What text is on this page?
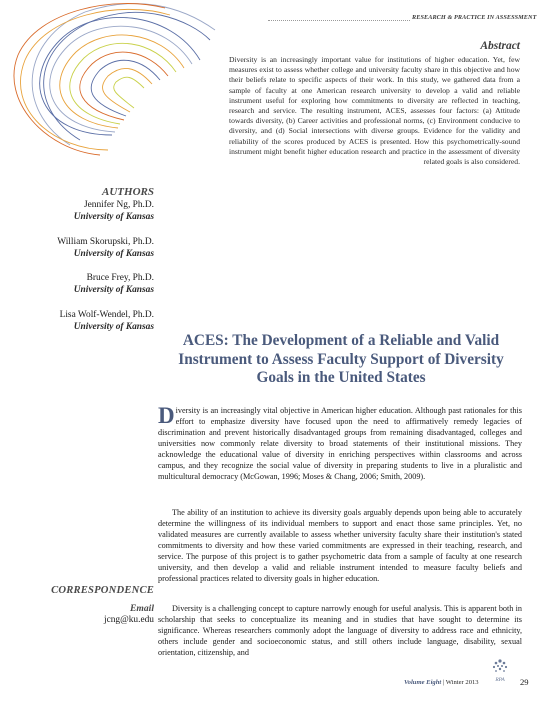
RESEARCH & PRACTICE IN ASSESSMENT
Abstract
Diversity is an increasingly important value for institutions of higher education. Yet, few measures exist to assess whether college and university faculty share in this objective and how their beliefs relate to specific aspects of their work. In this study, we gathered data from a sample of faculty at one American research university to develop a valid and reliable instrument useful for exploring how commitments to diversity are reflected in teaching, research and service. The resulting instrument, ACES, assesses four factors: (a) Attitude towards diversity, (b) Career activities and professional norms, (c) Environment conducive to diversity, and (d) Social intersections with diverse groups. Evidence for the validity and reliability of the scores produced by ACES is presented. How this psychometrically-sound instrument might benefit higher education research and practice in the assessment of diversity related goals is also considered.
AUTHORS
Jennifer Ng, Ph.D.
University of Kansas
William Skorupski, Ph.D.
University of Kansas
Bruce Frey, Ph.D.
University of Kansas
Lisa Wolf-Wendel, Ph.D.
University of Kansas
ACES: The Development of a Reliable and Valid Instrument to Assess Faculty Support of Diversity Goals in the United States
Diversity is an increasingly vital objective in American higher education. Although past rationales for this effort to emphasize diversity have focused upon the need to affirmatively remedy legacies of discrimination and prevent historically disadvantaged groups from remaining disadvantaged, colleges and universities now commonly relate diversity to broad statements of their institutional missions. They acknowledge the educational value of diversity in enriching perspectives within classrooms and across campus, and they recognize the social value of diversity in preparing students to live in a pluralistic and multicultural democracy (McGowan, 1996; Moses & Chang, 2006; Smith, 2009).
The ability of an institution to achieve its diversity goals arguably depends upon being able to accurately determine the willingness of its individual members to support and enact those same principles. Yet, no validated measures are currently available to assess whether university faculty share their institution's stated commitments to diversity and how these varied commitments are expressed in their teaching, research, and service. The purpose of this project is to gather psychometric data from a sample of faculty at one research university, and then develop a valid and reliable instrument intended to measure faculty beliefs and professional practices related to diversity goals in higher education.
Diversity is a challenging concept to capture narrowly enough for useful analysis. This is apparent both in scholarship that seeks to conceptualize its meaning and in studies that have sought to determine its significance. Whereas researchers commonly adopt the language of diversity to address race and ethnicity, others include gender and socioeconomic status, and still others include language, disability, sexual orientation, citizenship, and
CORRESPONDENCE
Email
jcng@ku.edu
RPA
Volume Eight | Winter 2013	29
